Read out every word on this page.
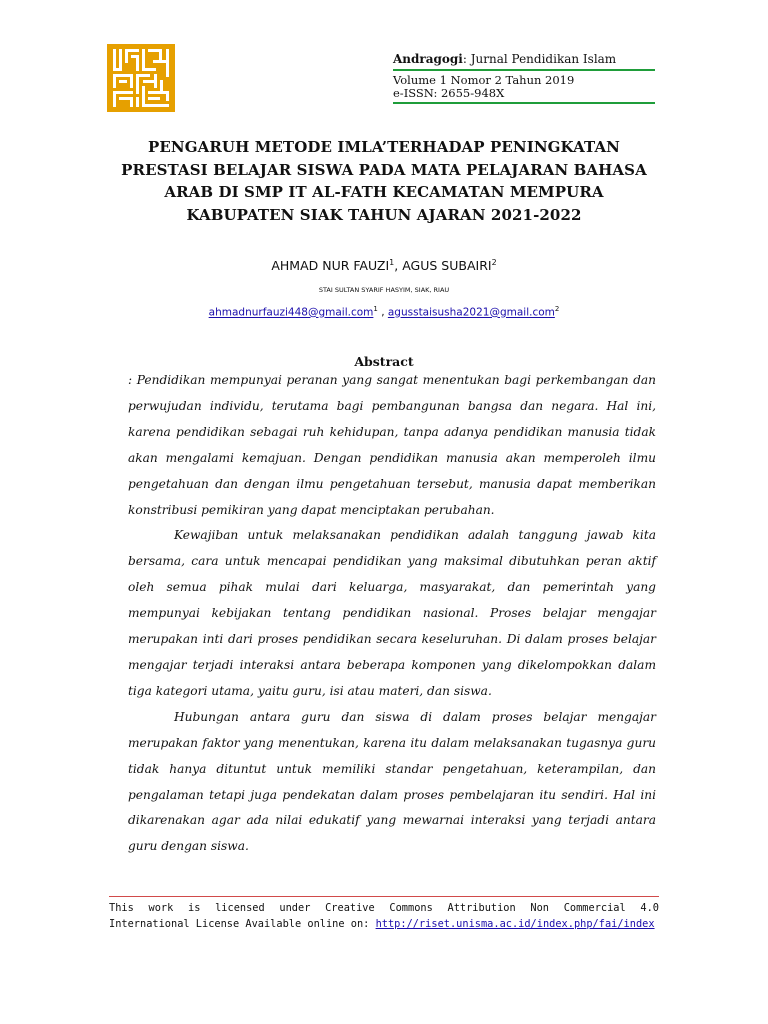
Andragogi: Jurnal Pendidikan Islam
Volume 1 Nomor 2 Tahun 2019
e-ISSN: 2655-948X
PENGARUH METODE IMLA’TERHADAP PENINGKATAN
PRESTASI BELAJAR SISWA PADA MATA PELAJARAN BAHASA
ARAB DI SMP IT AL-FATH KECAMATAN MEMPURA
KABUPATEN SIAK TAHUN AJARAN 2021-2022
AHMAD NUR FAUZI$^1$, AGUS SUBAIRI$^2$
STAI SULTAN SYARIF HASYIM, SIAK, RIAU
ahmadnurfauzi448@gmail.com$^1$ , agusstaisusha2021@gmail.com$^2$
Abstract

: Pendidikan mempunyai peranan yang sangat menentukan bagi perkembangan dan perwujudan individu, terutama bagi pembangunan bangsa dan negara. Hal ini, karena pendidikan sebagai ruh kehidupan, tanpa adanya pendidikan manusia tidak akan mengalami kemajuan. Dengan pendidikan manusia akan memperoleh ilmu pengetahuan dan dengan ilmu pengetahuan tersebut, manusia dapat memberikan konstribusi pemikiran yang dapat menciptakan perubahan.

Kewajiban untuk melaksanakan pendidikan adalah tanggung jawab kita bersama, cara untuk mencapai pendidikan yang maksimal dibutuhkan peran aktif oleh semua pihak mulai dari keluarga, masyarakat, dan pemerintah yang mempunyai kebijakan tentang pendidikan nasional. Proses belajar mengajar merupakan inti dari proses pendidikan secara keseluruhan. Di dalam proses belajar mengajar terjadi interaksi antara beberapa komponen yang dikelompokkan dalam tiga kategori utama, yaitu guru, isi atau materi, dan siswa.

Hubungan antara guru dan siswa di dalam proses belajar mengajar merupakan faktor yang menentukan, karena itu dalam melaksanakan tugasnya guru tidak hanya dituntut untuk memiliki standar pengetahuan, keterampilan, dan pengalaman tetapi juga pendekatan dalam proses pembelajaran itu sendiri. Hal ini dikarenakan agar ada nilai edukatif yang mewarnai interaksi yang terjadi antara guru dengan siswa.

This work is licensed under Creative Commons Attribution Non Commercial 4.0 International License Available online on: http://riset.unisma.ac.id/index.php/fai/index
